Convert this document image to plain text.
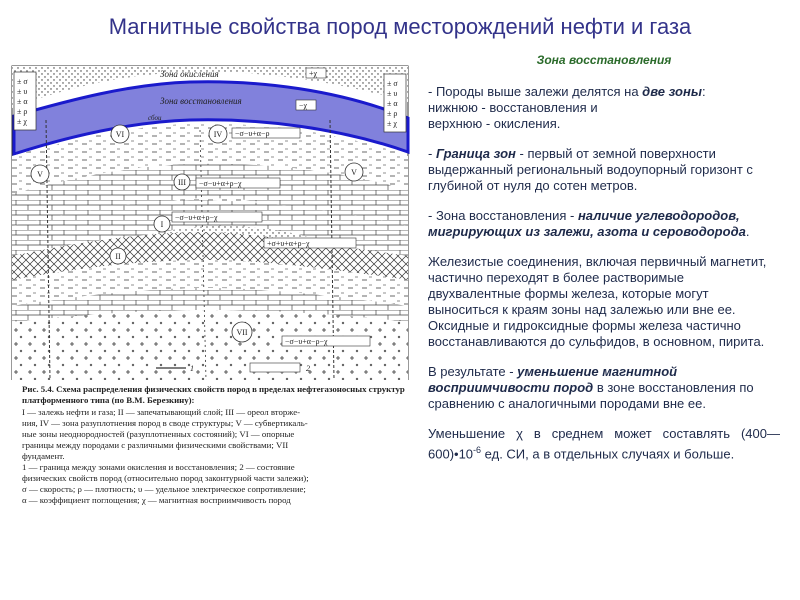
Магнитные свойства пород месторождений нефти и газа
± σ
± υ
± α
± ρ
± χ
± σ
± υ
± α
± ρ
± χ
Зона окисления
Зона восстановления
+χ
−χ
сбои
−σ−υ+α−ρ
−σ−υ+α+ρ−χ
−σ−υ+α+ρ−χ
+σ+υ+α+ρ−χ
−σ−υ+α−ρ−χ
IV
V	V
VI
VII
III
I
II
1	2
Рис. 5.4. Схема распределения физических свойств пород в пределах нефтегазоносных структур платформенного типа (по В.М. Березкину):
I — залежь нефти и газа; II — запечатывающий слой; III — ореол вторже-
ния, IV — зона разуплотнения пород в своде структуры; V — субвертикаль-
ные зоны неоднородностей (разуплотненных состояний); VI — опорные
границы между породами с различными физическими свойствами; VII
фундамент.
1 — граница между зонами окисления и восстановления; 2 — состояние
физических свойств пород (относительно пород законтурной части залежи);
σ — скорость; ρ — плотность; υ — удельное электрическое сопротивление;
α — коэффициент поглощения; χ — магнитная восприимчивость пород
Зона восстановления
- Породы выше залежи делятся на две зоны:
нижнюю - восстановления и
верхнюю - окисления.
- Граница зон - первый от земной поверхности выдержанный региональный водоупорный горизонт с глубиной от нуля до сотен метров.
- Зона восстановления - наличие углеводородов, мигрирующих из залежи, азота и сероводорода.
Железистые соединения, включая первичный магнетит, частично переходят в более растворимые двухвалентные формы железа, которые могут выноситься к краям зоны над залежью или вне ее. Оксидные и гидроксидные формы железа частично восстанавливаются до сульфидов, в основном, пирита.
В результате - уменьшение магнитной восприимчивости пород в зоне восстановления по сравнению с аналогичными породами вне ее.
Уменьшение χ в среднем может составлять $(400—600)•10^{-6}$ ед. СИ, а в отдельных случаях и больше.
